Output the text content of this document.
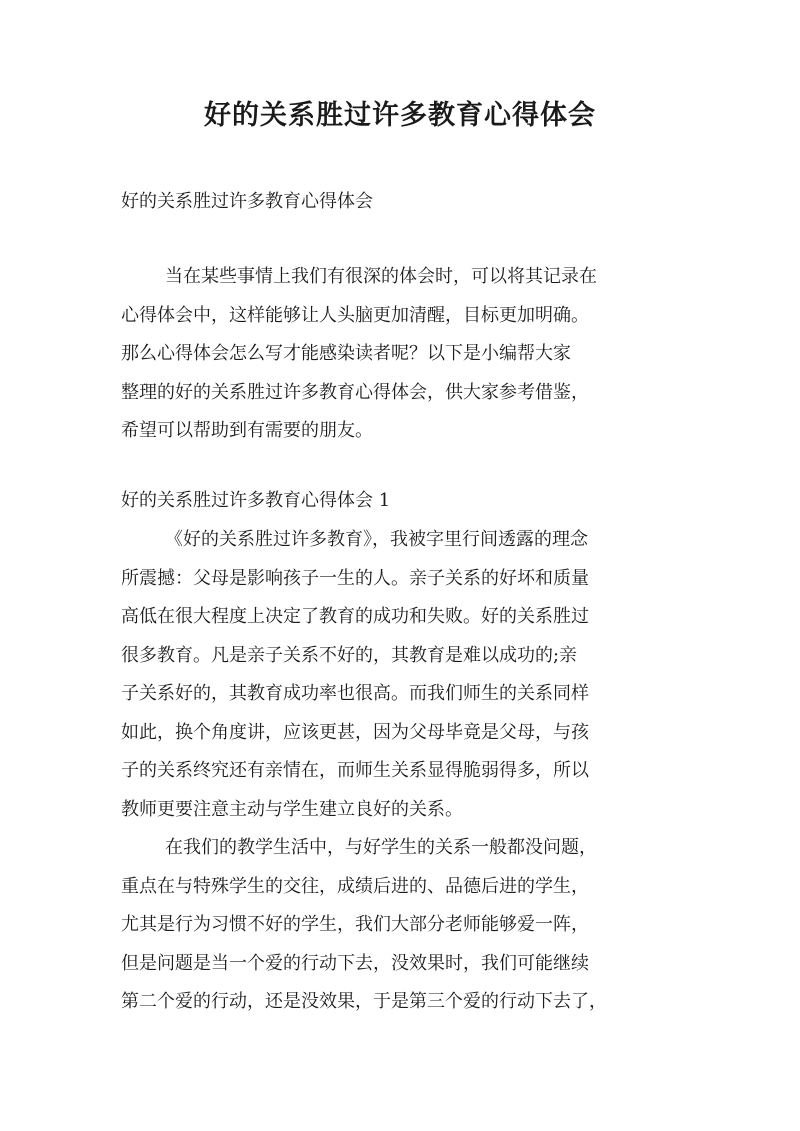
好的关系胜过许多教育心得体会
好的关系胜过许多教育心得体会
当在某些事情上我们有很深的体会时，可以将其记录在
心得体会中，这样能够让人头脑更加清醒，目标更加明确。
那么心得体会怎么写才能感染读者呢？以下是小编帮大家
整理的好的关系胜过许多教育心得体会，供大家参考借鉴，
希望可以帮助到有需要的朋友。
好的关系胜过许多教育心得体会 1
《好的关系胜过许多教育》，我被字里行间透露的理念
所震撼：父母是影响孩子一生的人。亲子关系的好坏和质量
高低在很大程度上决定了教育的成功和失败。好的关系胜过
很多教育。凡是亲子关系不好的，其教育是难以成功的;亲
子关系好的，其教育成功率也很高。而我们师生的关系同样
如此，换个角度讲，应该更甚，因为父母毕竟是父母，与孩
子的关系终究还有亲情在，而师生关系显得脆弱得多，所以
教师更要注意主动与学生建立良好的关系。
在我们的教学生活中，与好学生的关系一般都没问题，
重点在与特殊学生的交往，成绩后进的、品德后进的学生，
尤其是行为习惯不好的学生，我们大部分老师能够爱一阵，
但是问题是当一个爱的行动下去，没效果时，我们可能继续
第二个爱的行动，还是没效果，于是第三个爱的行动下去了，
